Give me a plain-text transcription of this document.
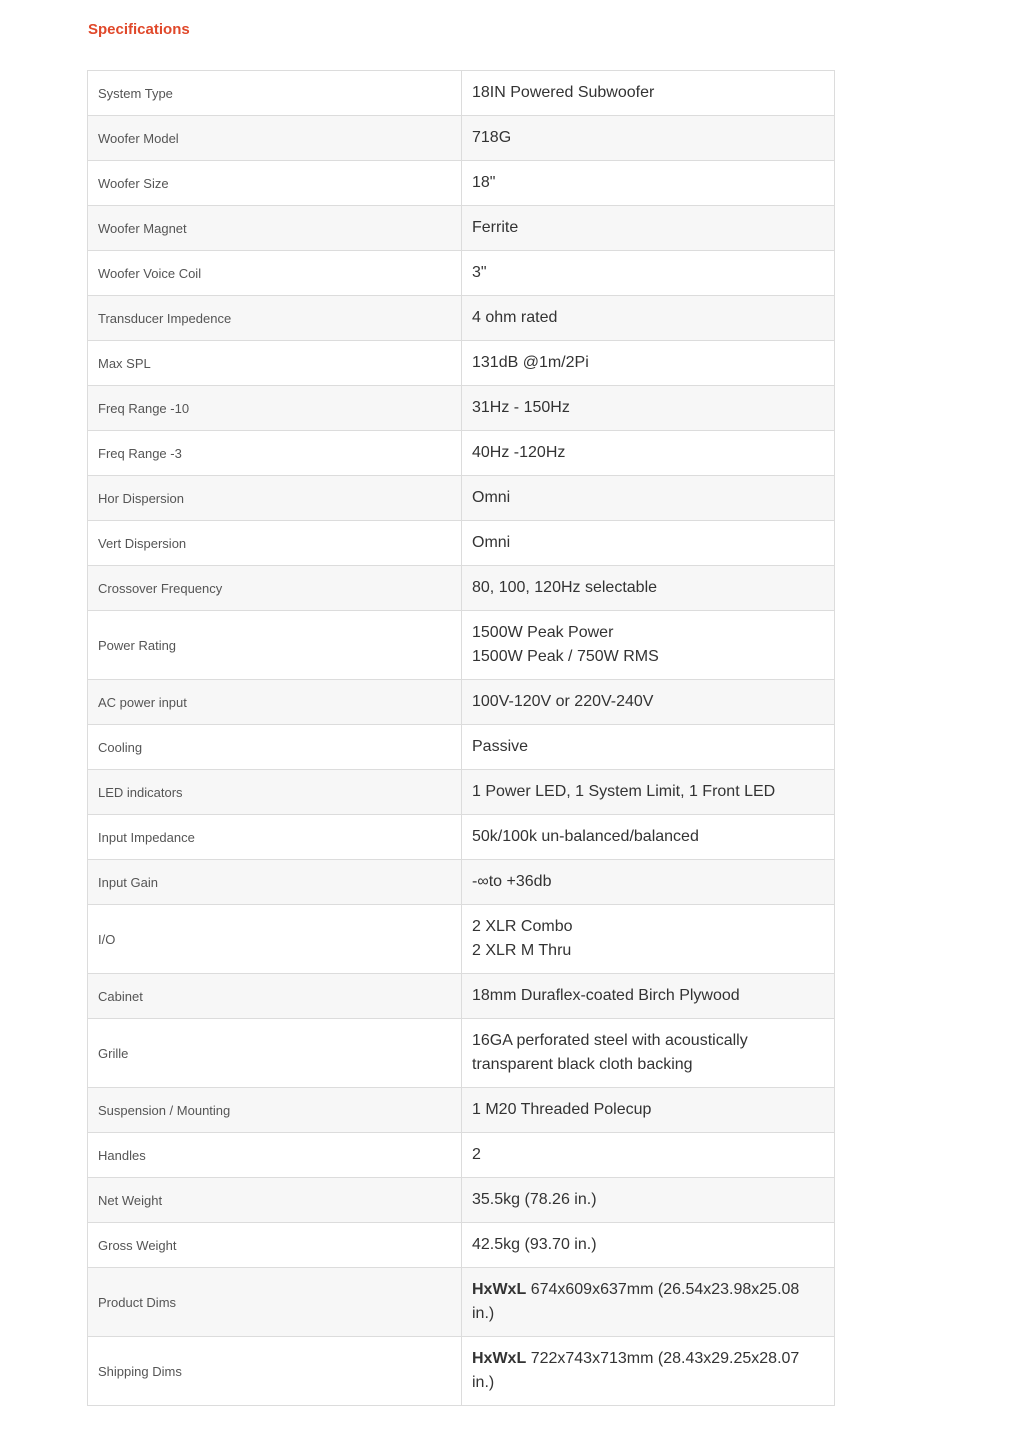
Specifications
System Type	18IN Powered Subwoofer
Woofer Model	718G
Woofer Size	18"
Woofer Magnet	Ferrite
Woofer Voice Coil	3"
Transducer Impedence	4 ohm rated
Max SPL	131dB @1m/2Pi
Freq Range -10	31Hz - 150Hz
Freq Range -3	40Hz -120Hz
Hor Dispersion	Omni
Vert Dispersion	Omni
Crossover Frequency	80, 100, 120Hz selectable
Power Rating	1500W Peak Power
1500W Peak / 750W RMS

AC power input	100V-120V or 220V-240V
Cooling	Passive
LED indicators	1 Power LED, 1 System Limit, 1 Front LED
Input Impedance	50k/100k un-balanced/balanced
Input Gain	-∞to +36db
I/O	2 XLR Combo
2 XLR M Thru

Cabinet	18mm Duraflex-coated Birch Plywood
Grille	16GA perforated steel with acoustically
transparent black cloth backing

Suspension / Mounting	1 M20 Threaded Polecup
Handles	2
Net Weight	35.5kg (78.26 in.)
Gross Weight	42.5kg (93.70 in.)
Product Dims	HxWxL 674x609x637mm (26.54x23.98x25.08
in.)

Shipping Dims	HxWxL 722x743x713mm (28.43x29.25x28.07
in.)
